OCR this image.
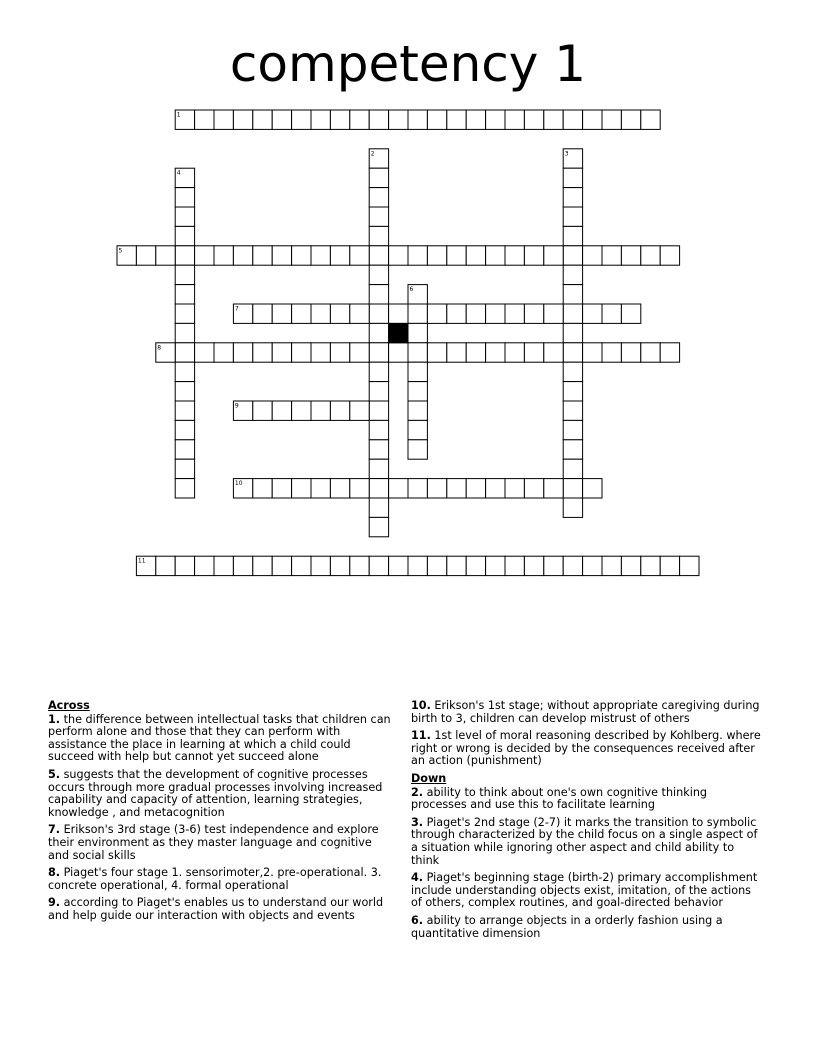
competency 1
1
2	3
4
5
6
7
8
9
10
11
Across
1. the difference between intellectual tasks that children can perform alone and those that they can perform with assistance the place in learning at which a child could succeed with help but cannot yet succeed alone
5. suggests that the development of cognitive processes occurs through more gradual processes involving increased capability and capacity of attention, learning strategies, knowledge , and metacognition
7. Erikson's 3rd stage (3-6) test independence and explore their environment as they master language and cognitive and social skills
8. Piaget's four stage 1. sensorimoter,2. pre-operational. 3. concrete operational, 4. formal operational
9. according to Piaget's enables us to understand our world and help guide our interaction with objects and events
10. Erikson's 1st stage; without appropriate caregiving during birth to 3, children can develop mistrust of others
11. 1st level of moral reasoning described by Kohlberg. where right or wrong is decided by the consequences received after an action (punishment)
Down
2. ability to think about one's own cognitive thinking processes and use this to facilitate learning
3. Piaget's 2nd stage (2-7) it marks the transition to symbolic through characterized by the child focus on a single aspect of a situation while ignoring other aspect and child ability to think
4. Piaget's beginning stage (birth-2) primary accomplishment include understanding objects exist, imitation, of the actions of others, complex routines, and goal-directed behavior
6. ability to arrange objects in a orderly fashion using a quantitative dimension
